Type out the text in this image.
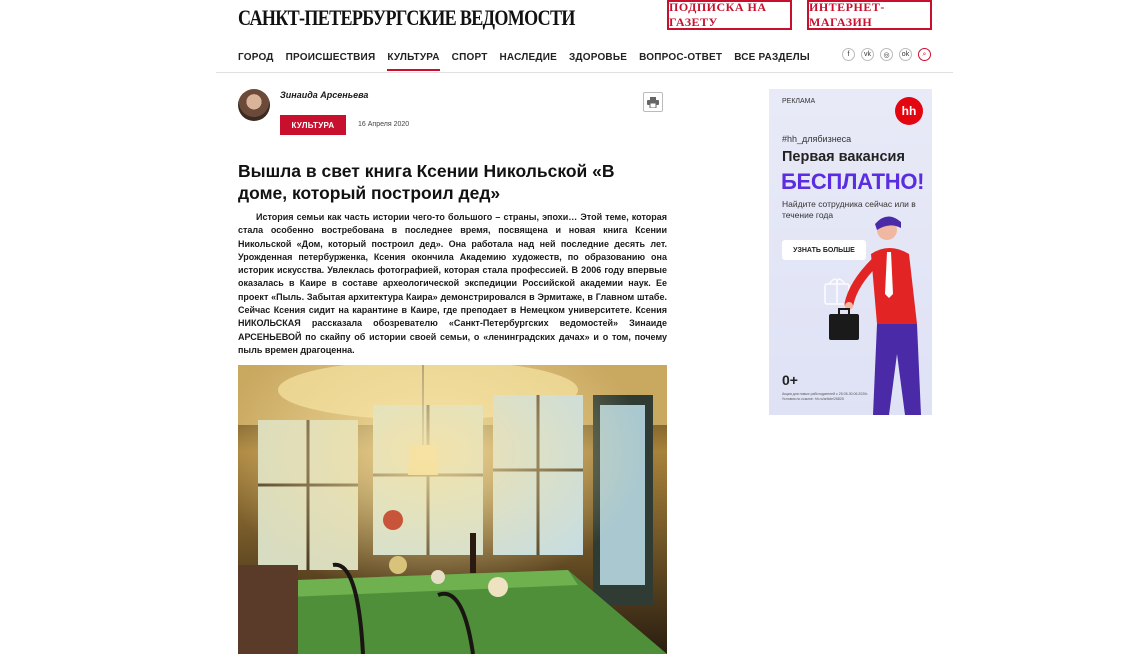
САНКТ-ПЕТЕРБУРГСКИЕ ВЕДОМОСТИ	ПОДПИСКА НА ГАЗЕТУ
ИНТЕРНЕТ-МАГАЗИН
ГОРОД ПРОИСШЕСТВИЯ КУЛЬТУРА СПОРТ НАСЛЕДИЕ ЗДОРОВЬЕ ВОПРОС-ОТВЕТ ВСЕ РАЗДЕЛЫ	f	vk	◎	ok	⌕
Зинаида Арсеньева
КУЛЬТУРА	16 Апреля 2020
Вышла в свет книга Ксении Никольской «В доме, который построил дед»

История семьи как часть истории чего-то большого – страны, эпохи… Этой теме, которая стала особенно востребована в последнее время, посвящена и новая книга Ксении Никольской «Дом, который построил дед». Она работала над ней последние десять лет. Урожденная петербурженка, Ксения окончила Академию художеств, по образованию она историк искусства. Увлеклась фотографией, которая стала профессией. В 2006 году впервые оказалась в Каире в составе археологической экспедиции Российской академии наук. Ее проект «Пыль. Забытая архитектура Каира» демонстрировался в Эрмитаже, в Главном штабе. Сейчас Ксения сидит на карантине в Каире, где преподает в Немецком университете. Ксения НИКОЛЬСКАЯ рассказала обозревателю «Санкт-Петербургских ведомостей» Зинаиде АРСЕНЬЕВОЙ по скайпу об истории своей семьи, о «ленинградских дачах» и о том, почему пыль времен драгоценна.

РЕКЛАМА
hh
#hh_длябизнеса
Первая вакансия
БЕСПЛАТНО!
Найдите сотрудника сейчас или в течение года
УЗНАТЬ БОЛЬШЕ
0+
Акция для новых работодателей с 25.05-30.06.2020г. Условия по ссылке: hh.ru/article/26825
